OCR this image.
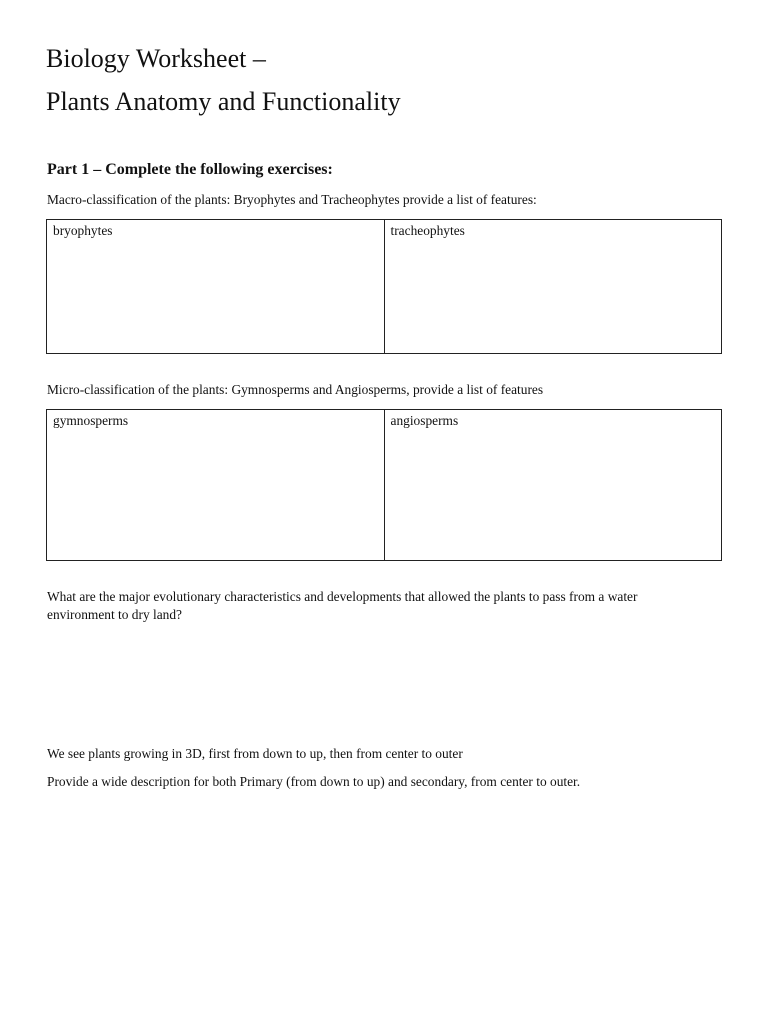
Biology Worksheet –
Plants Anatomy and Functionality
Part 1 – Complete the following exercises:

Macro-classification of the plants: Bryophytes and Tracheophytes provide a list of features:

bryophytes	tracheophytes

Micro-classification of the plants: Gymnosperms and Angiosperms, provide a list of features

gymnosperms	angiosperms

What are the major evolutionary characteristics and developments that allowed the plants to pass from a water environment to dry land?

We see plants growing in 3D, first from down to up, then from center to outer

Provide a wide description for both Primary (from down to up) and secondary, from center to outer.
